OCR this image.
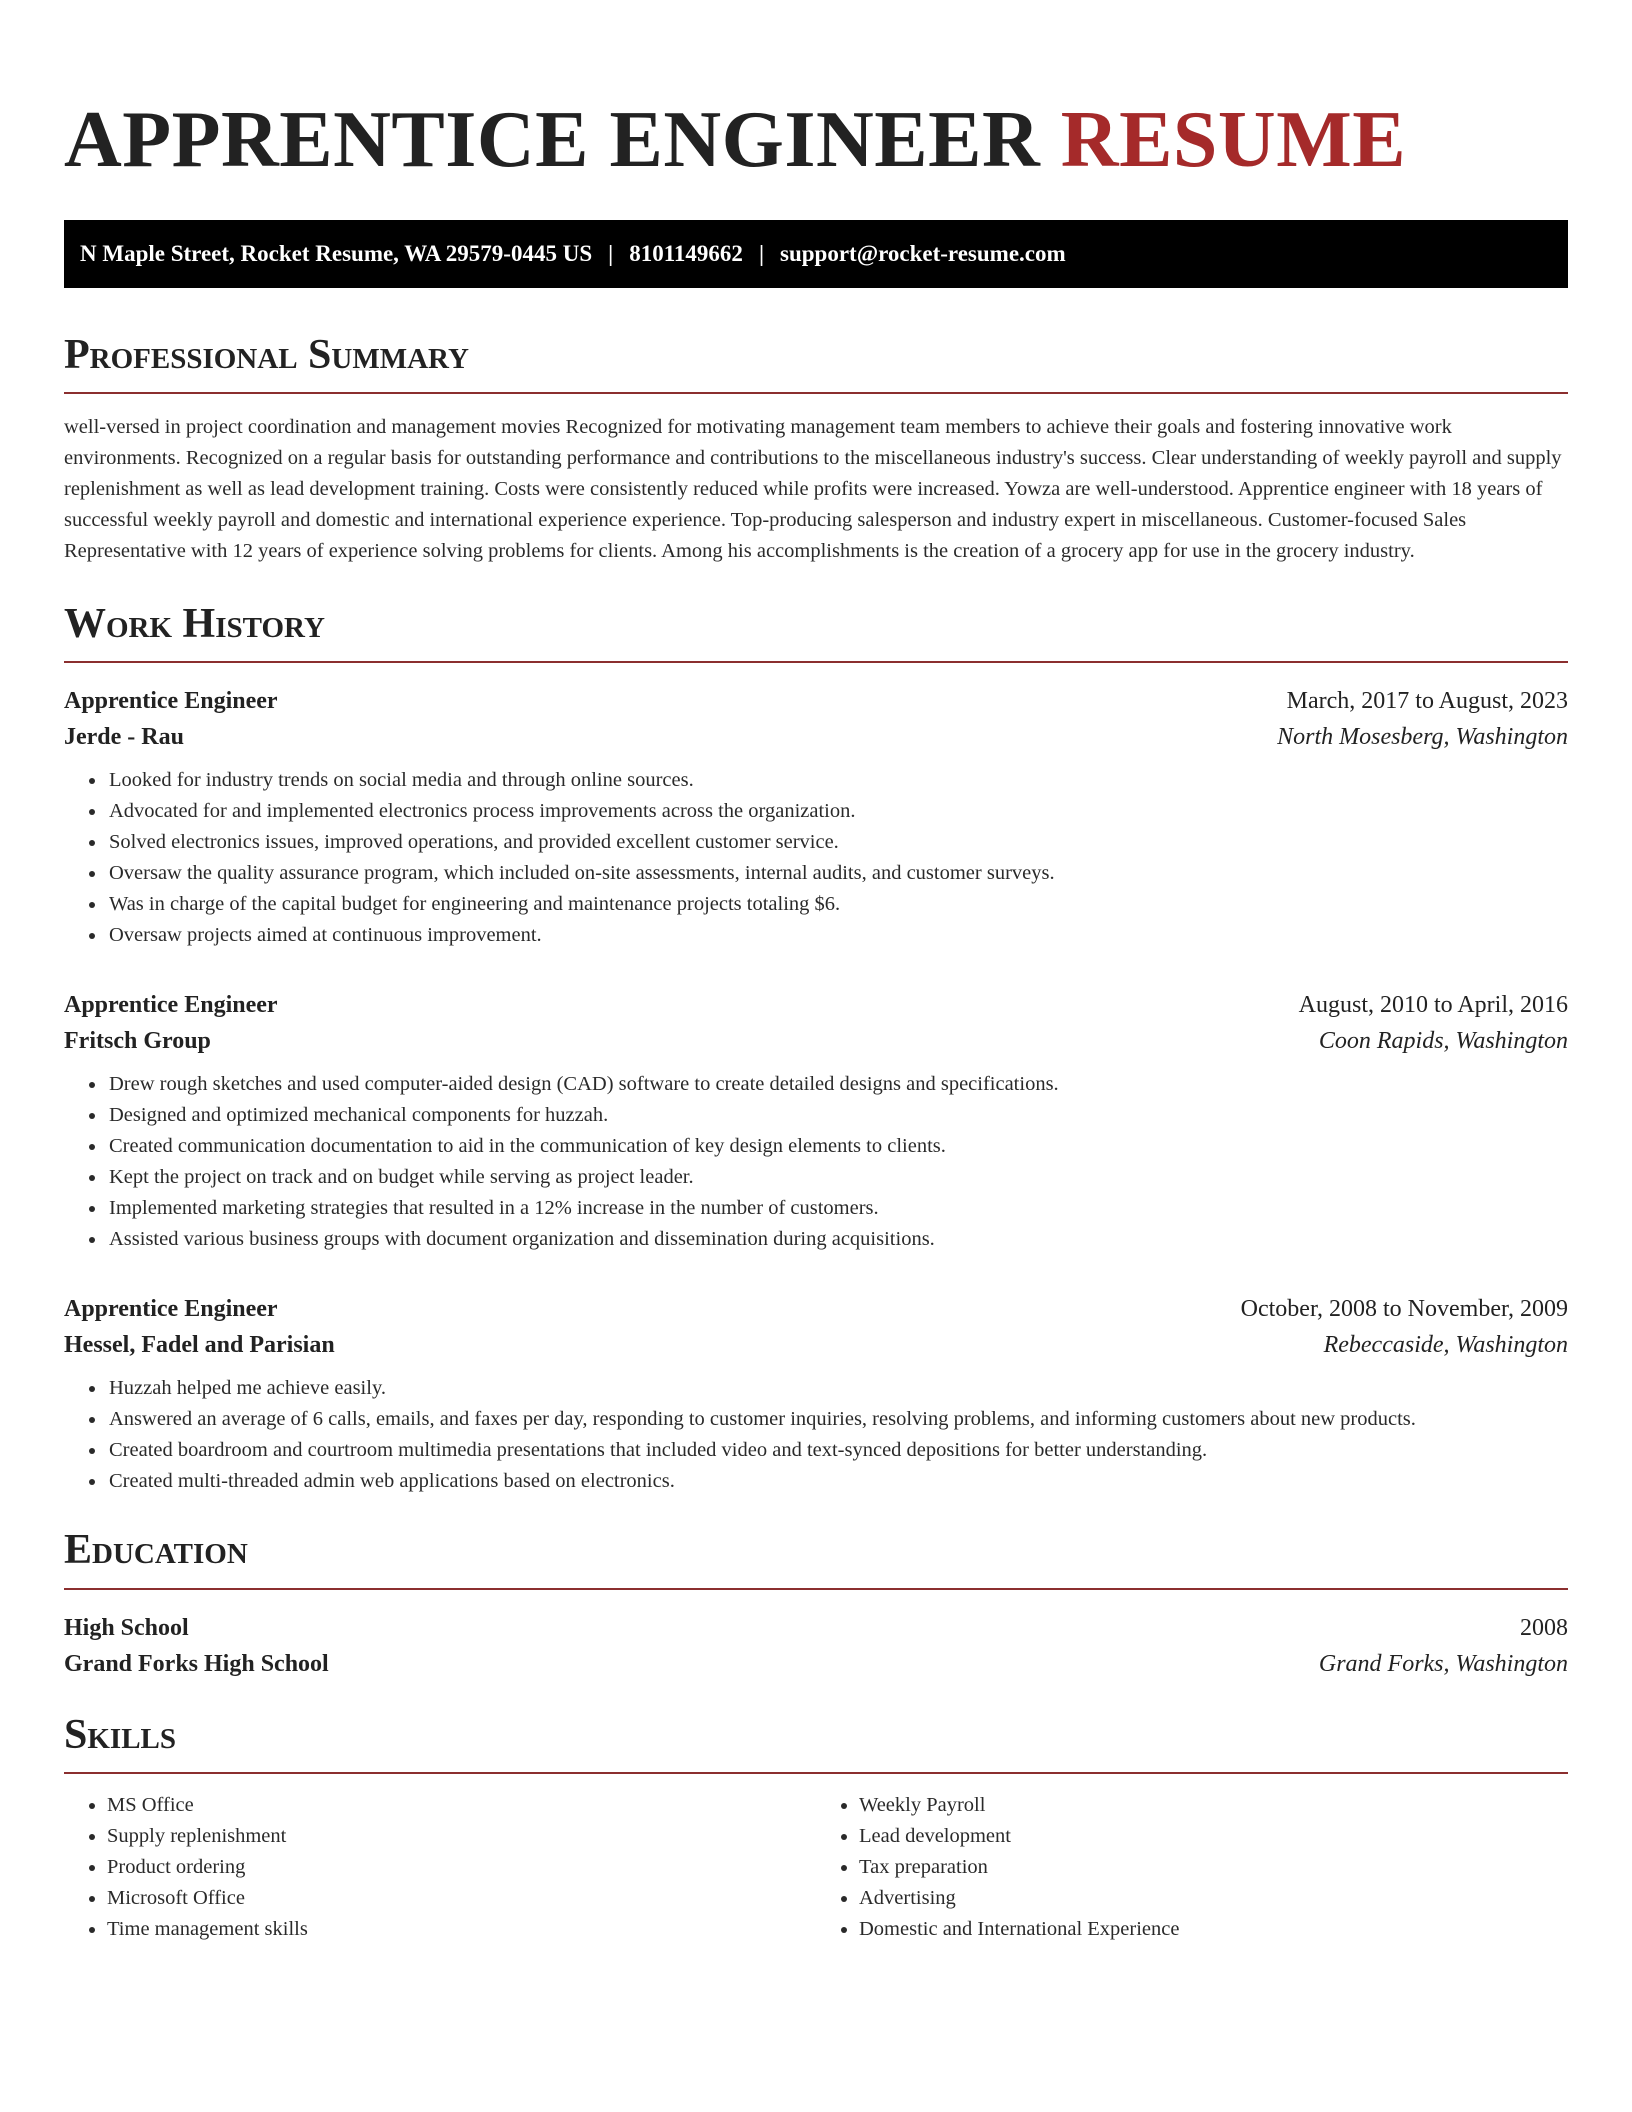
APPRENTICE ENGINEER RESUME
N Maple Street, Rocket Resume, WA 29579-0445 US | 8101149662 | support@rocket-resume.com
Professional Summary

well-versed in project coordination and management movies Recognized for motivating management team members to achieve their goals and fostering innovative work environments. Recognized on a regular basis for outstanding performance and contributions to the miscellaneous industry's success. Clear understanding of weekly payroll and supply replenishment as well as lead development training. Costs were consistently reduced while profits were increased. Yowza are well-understood. Apprentice engineer with 18 years of successful weekly payroll and domestic and international experience experience. Top-producing salesperson and industry expert in miscellaneous. Customer-focused Sales Representative with 12 years of experience solving problems for clients. Among his accomplishments is the creation of a grocery app for use in the grocery industry.

Work History
Apprentice Engineer	March, 2017 to August, 2023
Jerde - Rau	North Mosesberg, Washington
• Looked for industry trends on social media and through online sources.
• Advocated for and implemented electronics process improvements across the organization.
• Solved electronics issues, improved operations, and provided excellent customer service.
• Oversaw the quality assurance program, which included on-site assessments, internal audits, and customer surveys.
• Was in charge of the capital budget for engineering and maintenance projects totaling $6.
• Oversaw projects aimed at continuous improvement.
Apprentice Engineer	August, 2010 to April, 2016
Fritsch Group	Coon Rapids, Washington
• Drew rough sketches and used computer-aided design (CAD) software to create detailed designs and specifications.
• Designed and optimized mechanical components for huzzah.
• Created communication documentation to aid in the communication of key design elements to clients.
• Kept the project on track and on budget while serving as project leader.
• Implemented marketing strategies that resulted in a 12% increase in the number of customers.
• Assisted various business groups with document organization and dissemination during acquisitions.
Apprentice Engineer	October, 2008 to November, 2009
Hessel, Fadel and Parisian	Rebeccaside, Washington
• Huzzah helped me achieve easily.
• Answered an average of 6 calls, emails, and faxes per day, responding to customer inquiries, resolving problems, and informing customers about new products.
• Created boardroom and courtroom multimedia presentations that included video and text-synced depositions for better understanding.
• Created multi-threaded admin web applications based on electronics.
Education
High School	2008
Grand Forks High School	Grand Forks, Washington
Skills
• MS Office
• Supply replenishment
• Product ordering
• Microsoft Office
• Time management skills
• Weekly Payroll
• Lead development
• Tax preparation
• Advertising
• Domestic and International Experience
